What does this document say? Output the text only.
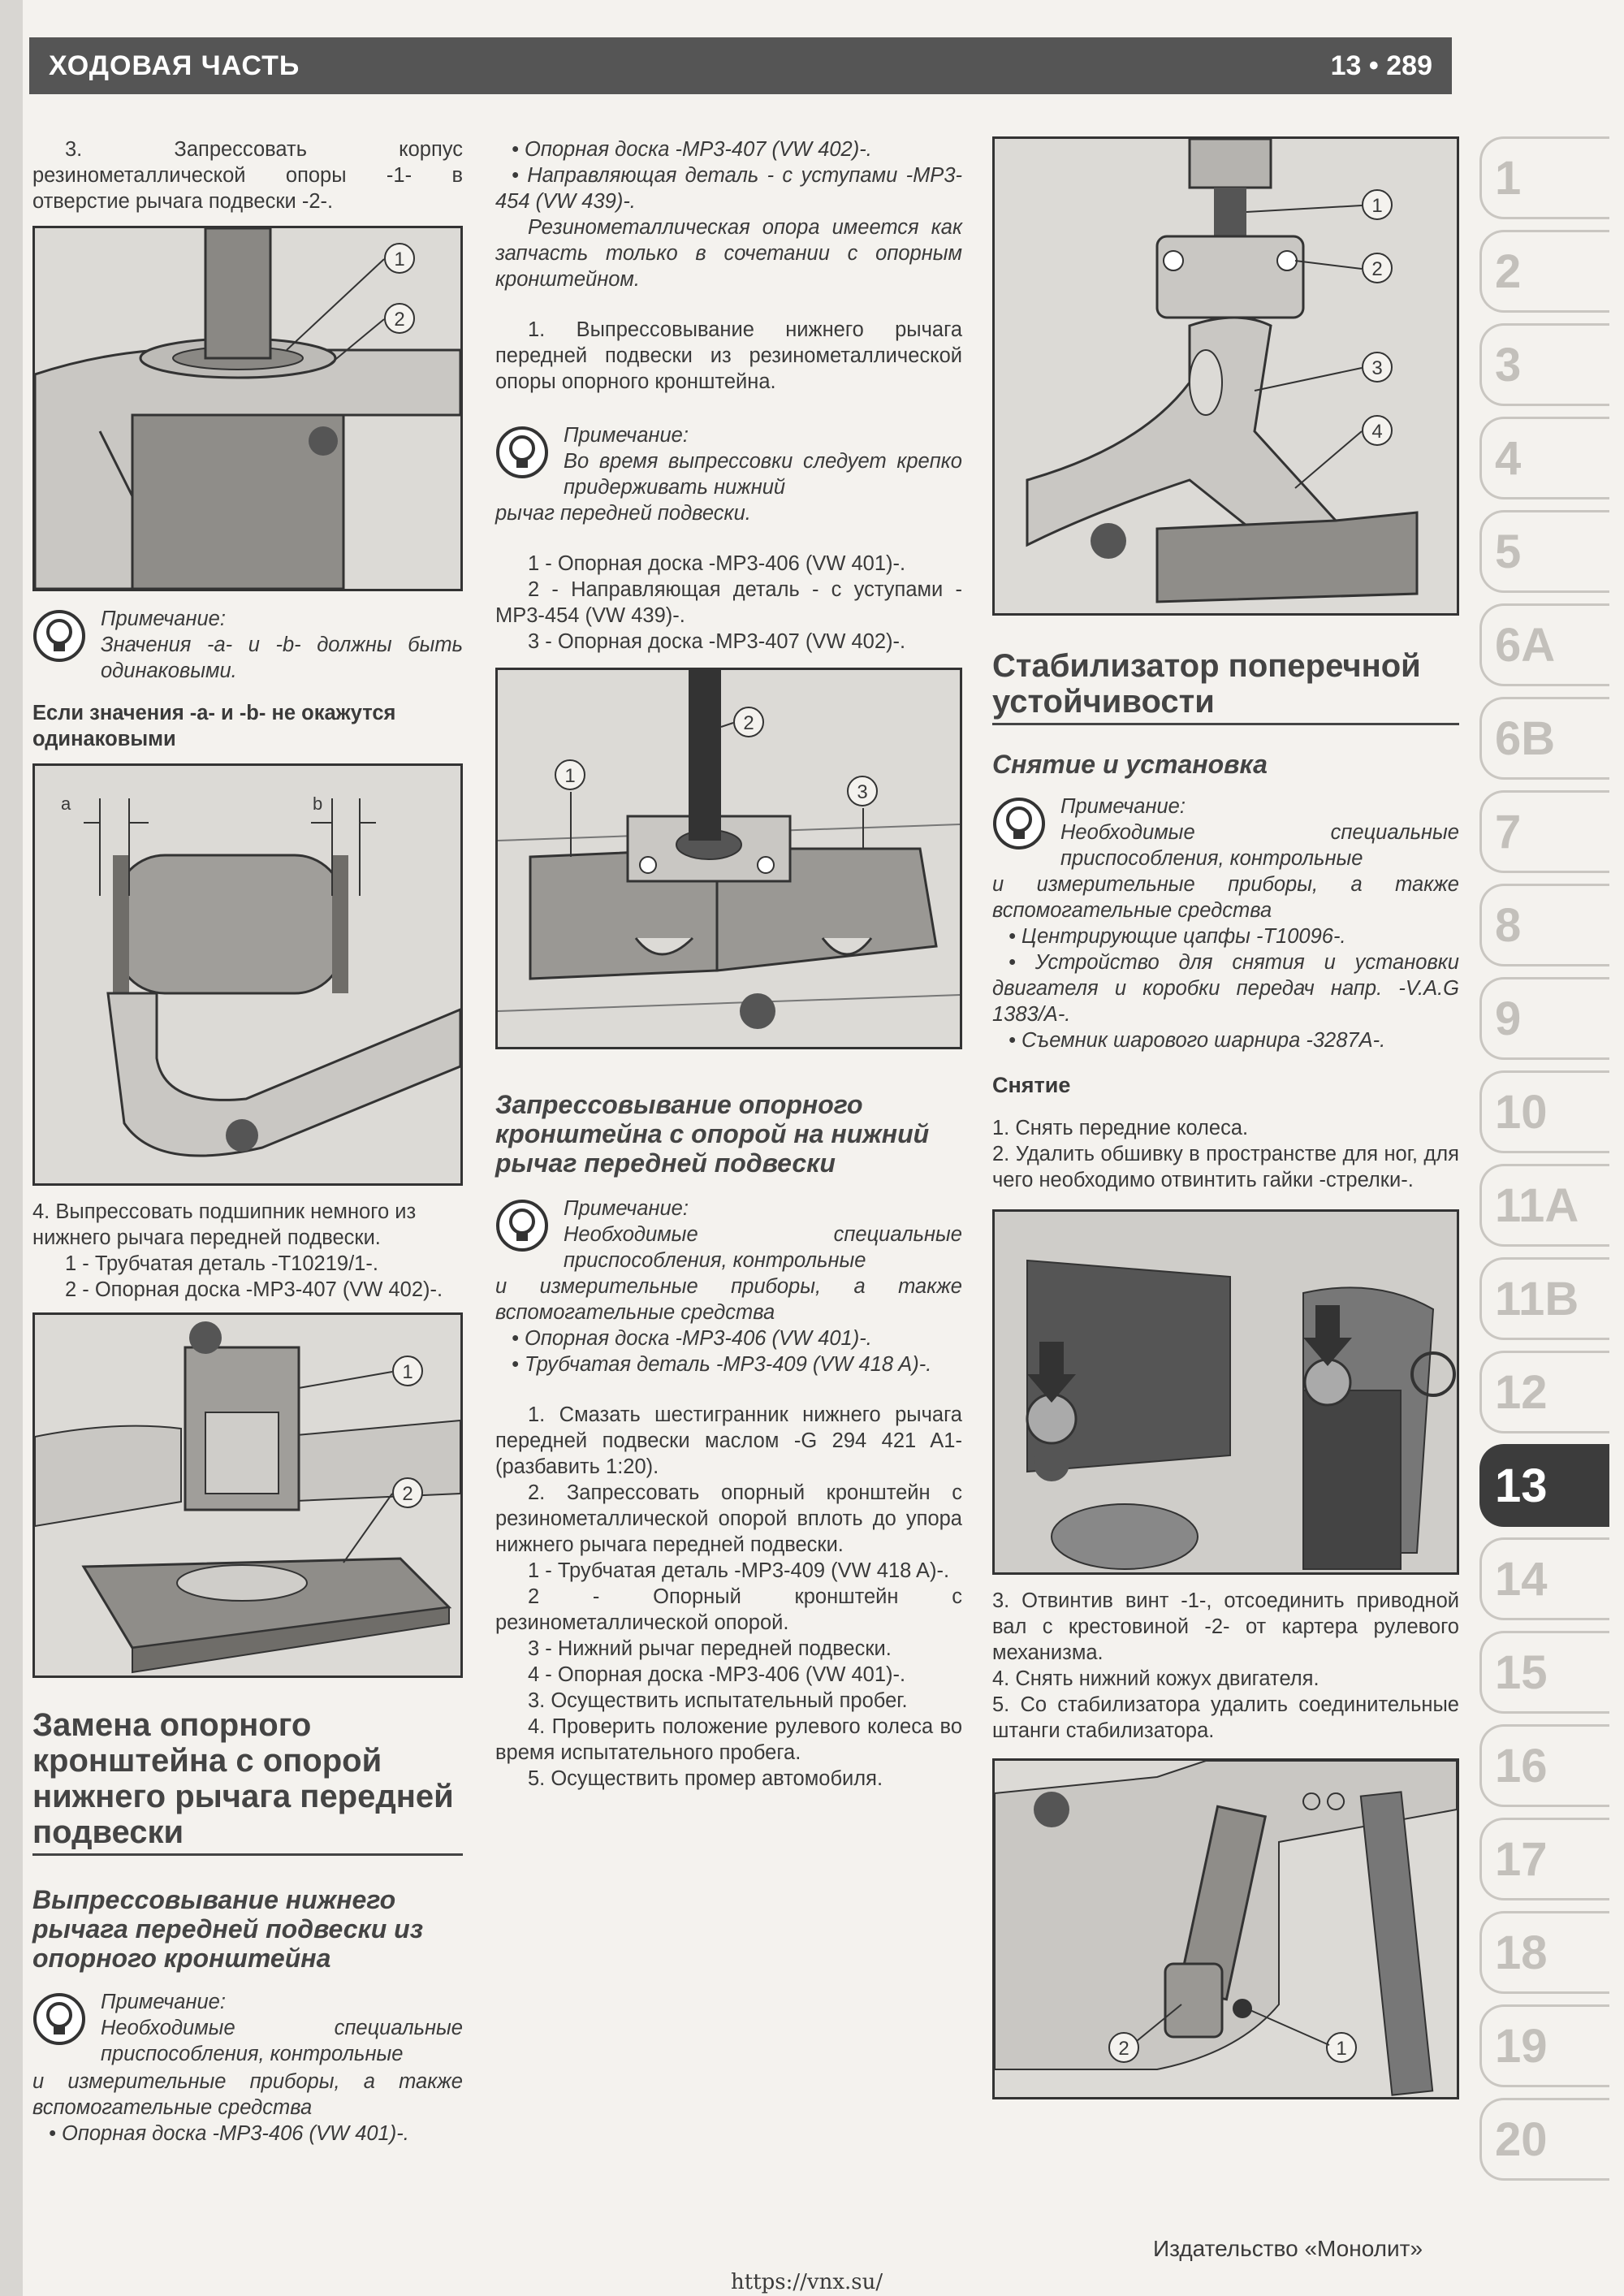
ХОДОВАЯ ЧАСТЬ	13 • 289

3. Запрессовать корпус резинометаллической опоры -1- в отверстие рычага подвески -2-.

1
2

Примечание:

Значения -a- и -b- должны быть одинаковыми.

Если значения -a- и -b- не окажутся одинаковыми

a	b

4. Выпрессовать подшипник немного из нижнего рычага передней подвески.

1 - Трубчатая деталь -T10219/1-.

2 - Опорная доска -MP3-407 (VW 402)-.

1
2
Замена опорного кронштейна с опорой нижнего рычага передней подвески
Выпрессовывание нижнего рычага передней подвески из опорного кронштейна

Примечание:

Необходимые специальные приспособления, контрольные

и измерительные приборы, а также вспомогательные средства

• Опорная доска -MP3-406 (VW 401)-.

• Опорная доска -MP3-407 (VW 402)-.

• Направляющая деталь - с уступами -MP3-454 (VW 439)-.

Резинометаллическая опора имеется как запчасть только в сочетании с опорным кронштейном.

1. Выпрессовывание нижнего рычага передней подвески из резинометаллической опоры опорного кронштейна.

Примечание:

Во время выпрессовки следует крепко придерживать нижний

рычаг передней подвески.

1 - Опорная доска -MP3-406 (VW 401)-.

2 - Направляющая деталь - с уступами -MP3-454 (VW 439)-.

3 - Опорная доска -MP3-407 (VW 402)-.

2
1
3
Запрессовывание опорного кронштейна с опорой на нижний рычаг передней подвески

Примечание:

Необходимые специальные приспособления, контрольные

и измерительные приборы, а также вспомогательные средства

• Опорная доска -MP3-406 (VW 401)-.

• Трубчатая деталь -MP3-409 (VW 418 A)-.

1. Смазать шестигранник нижнего рычага передней подвески маслом -G 294 421 A1- (разбавить 1:20).

2. Запрессовать опорный кронштейн с резинометаллической опорой вплоть до упора нижнего рычага передней подвески.

1 - Трубчатая деталь -MP3-409 (VW 418 A)-.

2 - Опорный кронштейн с резинометаллической опорой.

3 - Нижний рычаг передней подвески.

4 - Опорная доска -MP3-406 (VW 401)-.

3. Осуществить испытательный пробег.

4. Проверить положение рулевого колеса во время испытательного пробега.

5. Осуществить промер автомобиля.

1
2
3
4
Стабилизатор поперечной устойчивости
Снятие и установка

Примечание:

Необходимые специальные приспособления, контрольные

и измерительные приборы, а также вспомогательные средства

• Центрирующие цапфы -T10096-.

• Устройство для снятия и установки двигателя и коробки передач напр. -V.A.G 1383/A-.

• Съемник шарового шарнира -3287A-.

Снятие

1. Снять передние колеса.

2. Удалить обшивку в пространстве для ног, для чего необходимо отвинтить гайки -стрелки-.

3. Отвинтив винт -1-, отсоединить приводной вал с крестовиной -2- от картера рулевого механизма.

4. Снять нижний кожух двигателя.

5. Со стабилизатора удалить соединительные штанги стабилизатора.

2	1
1
2
3
4
5
6A
6B
7
8
9
10
11A
11B
12
13
14
15
16
17
18
19
20
Издательство «Монолит»
https://vnx.su/
